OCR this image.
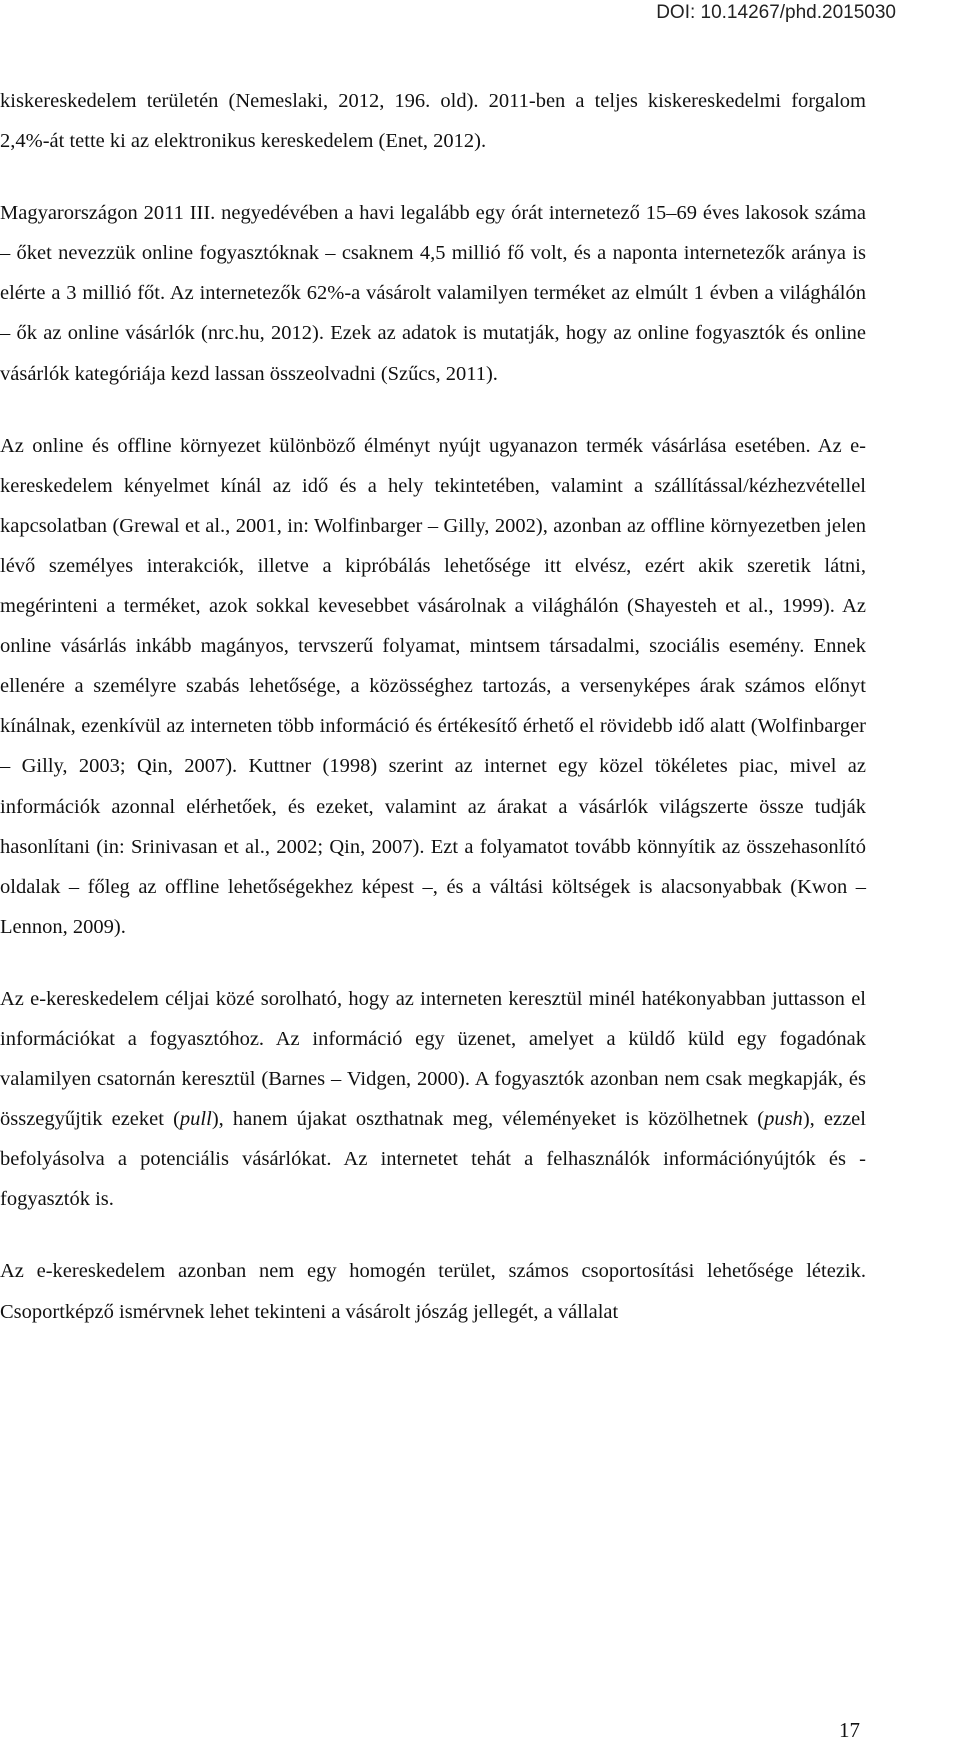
DOI: 10.14267/phd.2015030

kiskereskedelem területén (Nemeslaki, 2012, 196. old). 2011-ben a teljes kiskereskedelmi forgalom 2,4%-át tette ki az elektronikus kereskedelem (Enet, 2012).

Magyarországon 2011 III. negyedévében a havi legalább egy órát internetező 15–69 éves lakosok száma – őket nevezzük online fogyasztóknak – csaknem 4,5 millió fő volt, és a naponta internetezők aránya is elérte a 3 millió főt. Az internetezők 62%-a vásárolt valamilyen terméket az elmúlt 1 évben a világhálón – ők az online vásárlók (nrc.hu, 2012). Ezek az adatok is mutatják, hogy az online fogyasztók és online vásárlók kategóriája kezd lassan összeolvadni (Szűcs, 2011).

Az online és offline környezet különböző élményt nyújt ugyanazon termék vásárlása esetében. Az e-kereskedelem kényelmet kínál az idő és a hely tekintetében, valamint a szállítással/kézhezvétellel kapcsolatban (Grewal et al., 2001, in: Wolfinbarger – Gilly, 2002), azonban az offline környezetben jelen lévő személyes interakciók, illetve a kipróbálás lehetősége itt elvész, ezért akik szeretik látni, megérinteni a terméket, azok sokkal kevesebbet vásárolnak a világhálón (Shayesteh et al., 1999). Az online vásárlás inkább magányos, tervszerű folyamat, mintsem társadalmi, szociális esemény. Ennek ellenére a személyre szabás lehetősége, a közösséghez tartozás, a versenyképes árak számos előnyt kínálnak, ezenkívül az interneten több információ és értékesítő érhető el rövidebb idő alatt (Wolfinbarger – Gilly, 2003; Qin, 2007). Kuttner (1998) szerint az internet egy közel tökéletes piac, mivel az információk azonnal elérhetőek, és ezeket, valamint az árakat a vásárlók világszerte össze tudják hasonlítani (in: Srinivasan et al., 2002; Qin, 2007). Ezt a folyamatot tovább könnyítik az összehasonlító oldalak – főleg az offline lehetőségekhez képest –, és a váltási költségek is alacsonyabbak (Kwon – Lennon, 2009).

Az e-kereskedelem céljai közé sorolható, hogy az interneten keresztül minél hatékonyabban juttasson el információkat a fogyasztóhoz. Az információ egy üzenet, amelyet a küldő küld egy fogadónak valamilyen csatornán keresztül (Barnes – Vidgen, 2000). A fogyasztók azonban nem csak megkapják, és összegyűjtik ezeket (pull), hanem újakat oszthatnak meg, véleményeket is közölhetnek (push), ezzel befolyásolva a potenciális vásárlókat. Az internetet tehát a felhasználók információnyújtók és -fogyasztók is.

Az e-kereskedelem azonban nem egy homogén terület, számos csoportosítási lehetősége létezik. Csoportképző ismérvnek lehet tekinteni a vásárolt jószág jellegét, a vállalat

17
